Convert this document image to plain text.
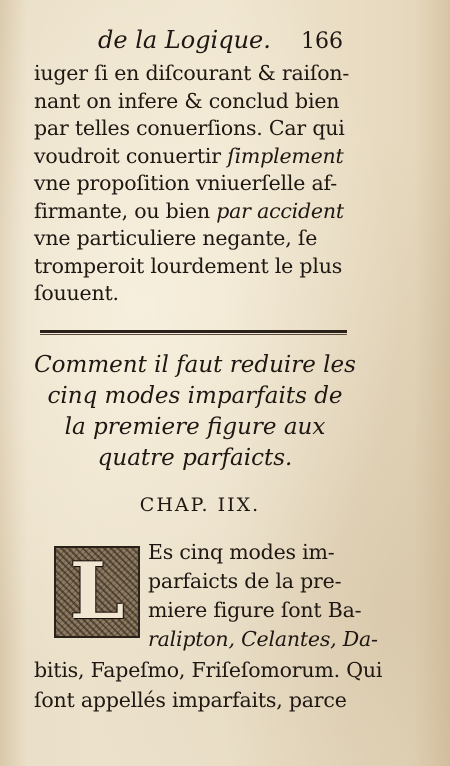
de la Logique. 166
iuger ſi en diſcourant & raiſon-
nant on infere & conclud bien
par telles conuerſions. Car qui
voudroit conuertir ſimplement
vne propoſition vniuerſelle af-
firmante, ou bien par accident
vne particuliere negante, ſe
tromperoit lourdement le plus
ſouuent.
Comment il faut reduire les
cinq modes imparfaits de
la premiere figure aux
quatre parfaicts.
CHAP. IIX.
L Es cinq modes im-
parfaicts de la pre-
miere figure ſont Ba-
ralipton, Celantes, Da-
bitis, Fapeſmo, Friſeſomorum. Qui
ſont appellés imparfaits, parce
